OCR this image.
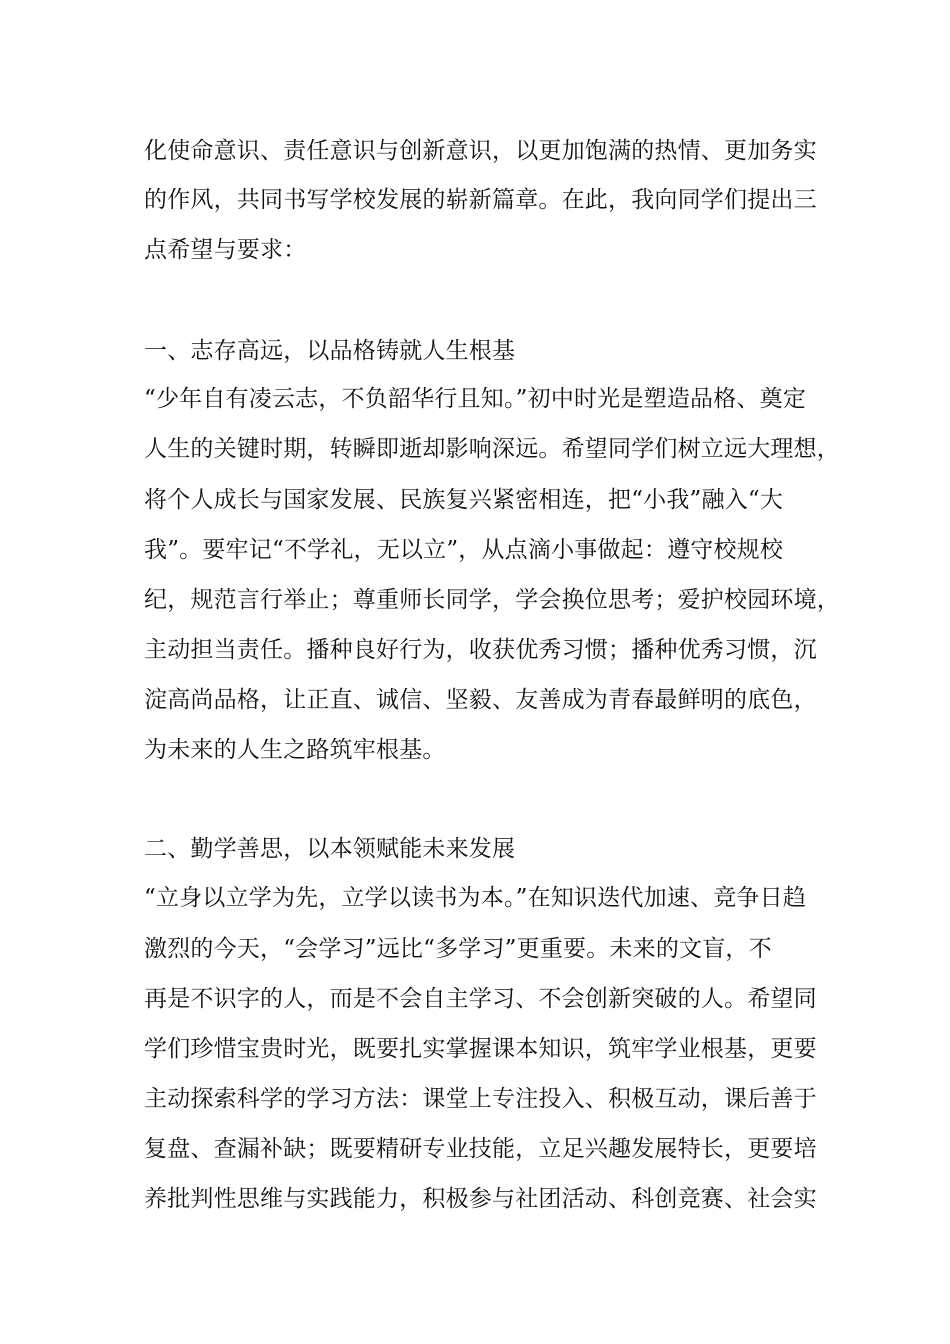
化使命意识、责任意识与创新意识，以更加饱满的热情、更加务实
的作风，共同书写学校发展的崭新篇章。在此，我向同学们提出三
点希望与要求：
一、志存高远，以品格铸就人生根基
“少年自有凌云志，不负韶华行且知。”初中时光是塑造品格、奠定
人生的关键时期，转瞬即逝却影响深远。希望同学们树立远大理想，
将个人成长与国家发展、民族复兴紧密相连，把“小我”融入“大
我”。要牢记“不学礼，无以立”，从点滴小事做起：遵守校规校
纪，规范言行举止；尊重师长同学，学会换位思考；爱护校园环境，
主动担当责任。播种良好行为，收获优秀习惯；播种优秀习惯，沉
淀高尚品格，让正直、诚信、坚毅、友善成为青春最鲜明的底色，
为未来的人生之路筑牢根基。
二、勤学善思，以本领赋能未来发展
“立身以立学为先，立学以读书为本。”在知识迭代加速、竞争日趋
激烈的今天，“会学习”远比“多学习”更重要。未来的文盲，不
再是不识字的人，而是不会自主学习、不会创新突破的人。希望同
学们珍惜宝贵时光，既要扎实掌握课本知识，筑牢学业根基，更要
主动探索科学的学习方法：课堂上专注投入、积极互动，课后善于
复盘、查漏补缺；既要精研专业技能，立足兴趣发展特长，更要培
养批判性思维与实践能力，积极参与社团活动、科创竞赛、社会实
